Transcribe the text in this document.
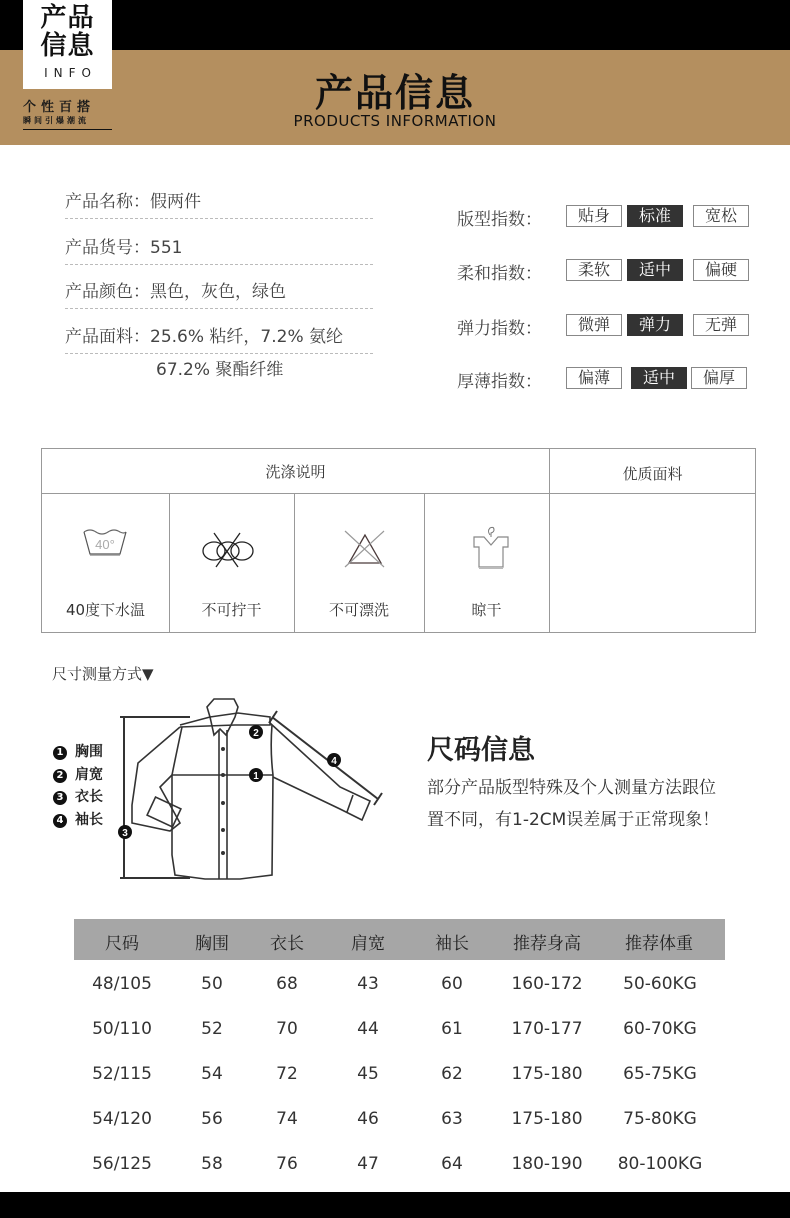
产品
信息
INFO
个性百搭
瞬间引爆潮流
产品信息
PRODUCTS INFORMATION
产品名称：假两件
产品货号：551
产品颜色：黑色，灰色，绿色
产品面料：25.6% 粘纤，7.2% 氨纶
67.2% 聚酯纤维
版型指数：	贴身	标准	宽松
柔和指数：	柔软	适中	偏硬
弹力指数：	微弹	弹力	无弹
厚薄指数：	偏薄	适中	偏厚
洗涤说明	优质面料
40°
40度下水温	不可拧干	不可漂洗	晾干
尺寸测量方式▼
1 胸围
2 肩宽
3 衣长
4 袖长
1
2
3
4	尺码信息
部分产品版型特殊及个人测量方法跟位
置不同，有1-2CM误差属于正常现象！
尺码	胸围	衣长	肩宽	袖长	推荐身高	推荐体重
48/105	50	68	43	60	160-172	50-60KG
50/110	52	70	44	61	170-177	60-70KG
52/115	54	72	45	62	175-180	65-75KG
54/120	56	74	46	63	175-180	75-80KG
56/125	58	76	47	64	180-190	80-100KG
